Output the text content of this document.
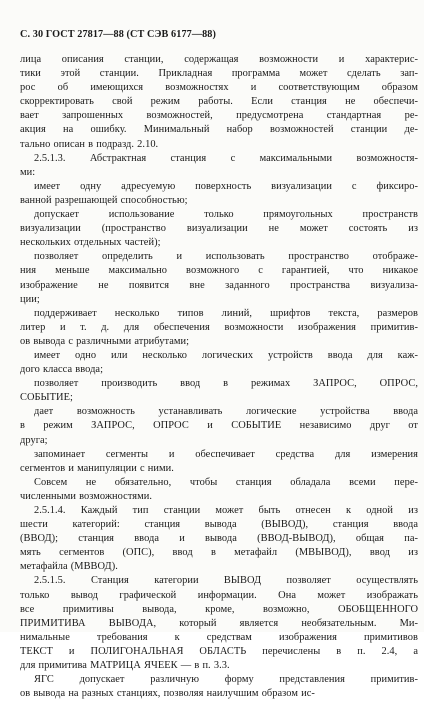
С. 30 ГОСТ 27817—88 (СТ СЭВ 6177—88)
лица описания станции, содержащая возможности и характерис-
тики этой станции. Прикладная программа может сделать зап-
рос об имеющихся возможностях и соответствующим образом
скорректировать свой режим работы. Если станция не обеспечи-
вает запрошенных возможностей, предусмотрена стандартная ре-
акция на ошибку. Минимальный набор возможностей станции де-
тально описан в подразд. 2.10.
2.5.1.3. Абстрактная станция с максимальными возможностя-
ми:
имеет одну адресуемую поверхность визуализации с фиксиро-
ванной разрешающей способностью;
допускает использование только прямоугольных пространств
визуализации (пространство визуализации не может состоять из
нескольких отдельных частей);
позволяет определить и использовать пространство отображе-
ния меньше максимально возможного с гарантией, что никакое
изображение не появится вне заданного пространства визуализа-
ции;
поддерживает несколько типов линий, шрифтов текста, размеров
литер и т. д. для обеспечения возможности изображения примитив-
ов вывода с различными атрибутами;
имеет одно или несколько логических устройств ввода для каж-
дого класса ввода;
позволяет производить ввод в режимах ЗАПРОС, ОПРОС,
СОБЫТИЕ;
дает возможность устанавливать логические устройства ввода
в режим ЗАПРОС, ОПРОС и СОБЫТИЕ независимо друг от
друга;
запоминает сегменты и обеспечивает средства для измерения
сегментов и манипуляции с ними.
Совсем не обязательно, чтобы станция обладала всеми пере-
численными возможностями.
2.5.1.4. Каждый тип станции может быть отнесен к одной из
шести категорий: станция вывода (ВЫВОД), станция ввода
(ВВОД); станция ввода и вывода (ВВОД-ВЫВОД), общая па-
мять сегментов (ОПС), ввод в метафайл (МВЫВОД), ввод из
метафайла (МВВОД).
2.5.1.5. Станция категории ВЫВОД позволяет осуществлять
только вывод графической информации. Она может изображать
все примитивы вывода, кроме, возможно, ОБОБЩЕННОГО
ПРИМИТИВА ВЫВОДА, который является необязательным. Ми-
нимальные требования к средствам изображения примитивов
ТЕКСТ и ПОЛИГОНАЛЬНАЯ ОБЛАСТЬ перечислены в п. 2.4, а
для примитива МАТРИЦА ЯЧЕЕК — в п. 3.3.
ЯГС допускает различную форму представления примитив-
ов вывода на разных станциях, позволяя наилучшим образом ис-
